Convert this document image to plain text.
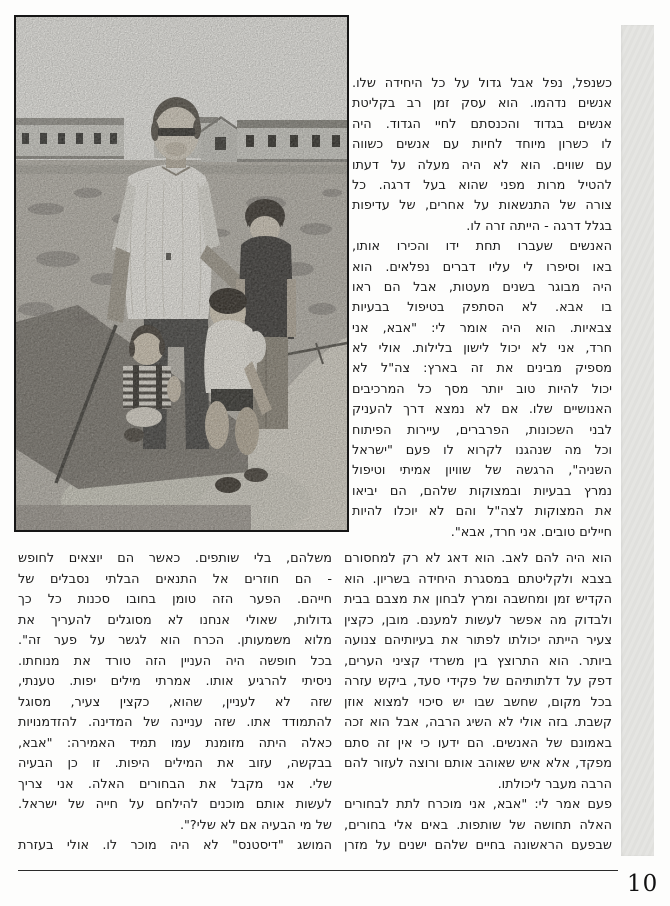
כשנפל, נפל אבל גדול על כל היחידה שלו.
אנשים נדהמו. הוא עסק זמן רב בקליטת
אנשים בגדוד והכנסתם לחיי הגדוד. היה
לו כשרון מיוחד לחיות עם אנשים כשווה
עם שווים. הוא לא היה מעלה על דעתו
להטיל מרות מפני שהוא בעל דרגה. כל
צורה של התנשאות על אחרים, של עדיפות
בגלל דרגה - הייתה זרה לו.
האנשים שעברו תחת ידו והכירו אותו,
באו וסיפרו לי עליו דברים נפלאים. הוא
היה מבוגר בשנים מעטות, אבל הם ראו
בו אבא. לא הסתפק בטיפול בבעיות
צבאיות. הוא היה אומר לי: "אבא, אני
חרד, אני לא יכול לישון בלילות. אולי לא
מספיק מבינים את זה בארץ: צה"ל לא
יכול להיות טוב יותר מסך כל המרכיבים
האנושיים שלו. אם לא נמצא דרך להעניק
לבני השכונות, הפרברים, עיירות הפיתוח
וכל מה שנהגנו לקרוא לו פעם "ישראל
השניה", הרגשה של שוויון אמיתי וטיפול
נמרץ בבעיות ובמצוקות שלהם, הם יביאו
את המצוקות לצה"ל והם לא יוכלו להיות
חיילים טובים. אני חרד, אבא".
משלהם, בלי שותפים. כאשר הם יוצאים לחופש
- הם חוזרים אל התנאים הבלתי נסבלים של
חייהם. הפער הזה טומן בחובו סכנות כל כך
גדולות, שאולי אנחנו לא מסוגלים להעריך את
מלוא משמעותן. הכרח הוא לגשר על פער זה".
בכל חופשה היה העניין הזה טורד את מנוחתו.
ניסיתי להרגיע אותו. אמרתי מילים יפות. טענתי,
שזה לא לעניין, שהוא, כקצין צעיר, מסוגל
להתמודד אתו. שזה עניינה של המדינה. להזדמנויות
כאלה היתה מזומנת עמו תמיד האמירה: "אבא,
בבקשה, עזוב את המילים היפות. זו כן הבעיה
שלי. אני מקבל את הבחורים האלה. אני צריך
לעשות אותם מוכנים להילחם על חייה של ישראל.
של מי הבעיה אם לא שלי?".
המושג "דיסטנס" לא היה מוכר לו. אולי בעזרת
הוא היה להם לאב. הוא דאג לא רק למחסורם
בצבא ולקליטתם במסגרת היחידה בשריון. הוא
הקדיש זמן ומחשבה ומרץ לבחון את מצבם בבית
ולבדוק מה אפשר לעשות למענם. מובן, כקצין
צעיר הייתה יכולתו לפתור את בעיותיהם צנועה
ביותר. הוא התרוצץ בין משרדי קציני הערים,
דפק על דלתותיהם של פקידי סעד, ביקש עזרה
בכל מקום, שחשב שבו יש סיכוי למצוא אוזן
קשבת. בזה אולי לא השיג הרבה, אבל הוא זכה
באמונם של האנשים. הם ידעו כי אין זה סתם
מפקד, אלא איש שאוהב אותם ורוצה לעזור להם
הרבה מעבר ליכולתו.
פעם אמר לי: "אבא, אני מוכרח לתת לבחורים
האלה תחושה של שותפות. באים אלי בחורים,
שבפעם הראשונה בחיים שלהם ישנים על מזרן
10
